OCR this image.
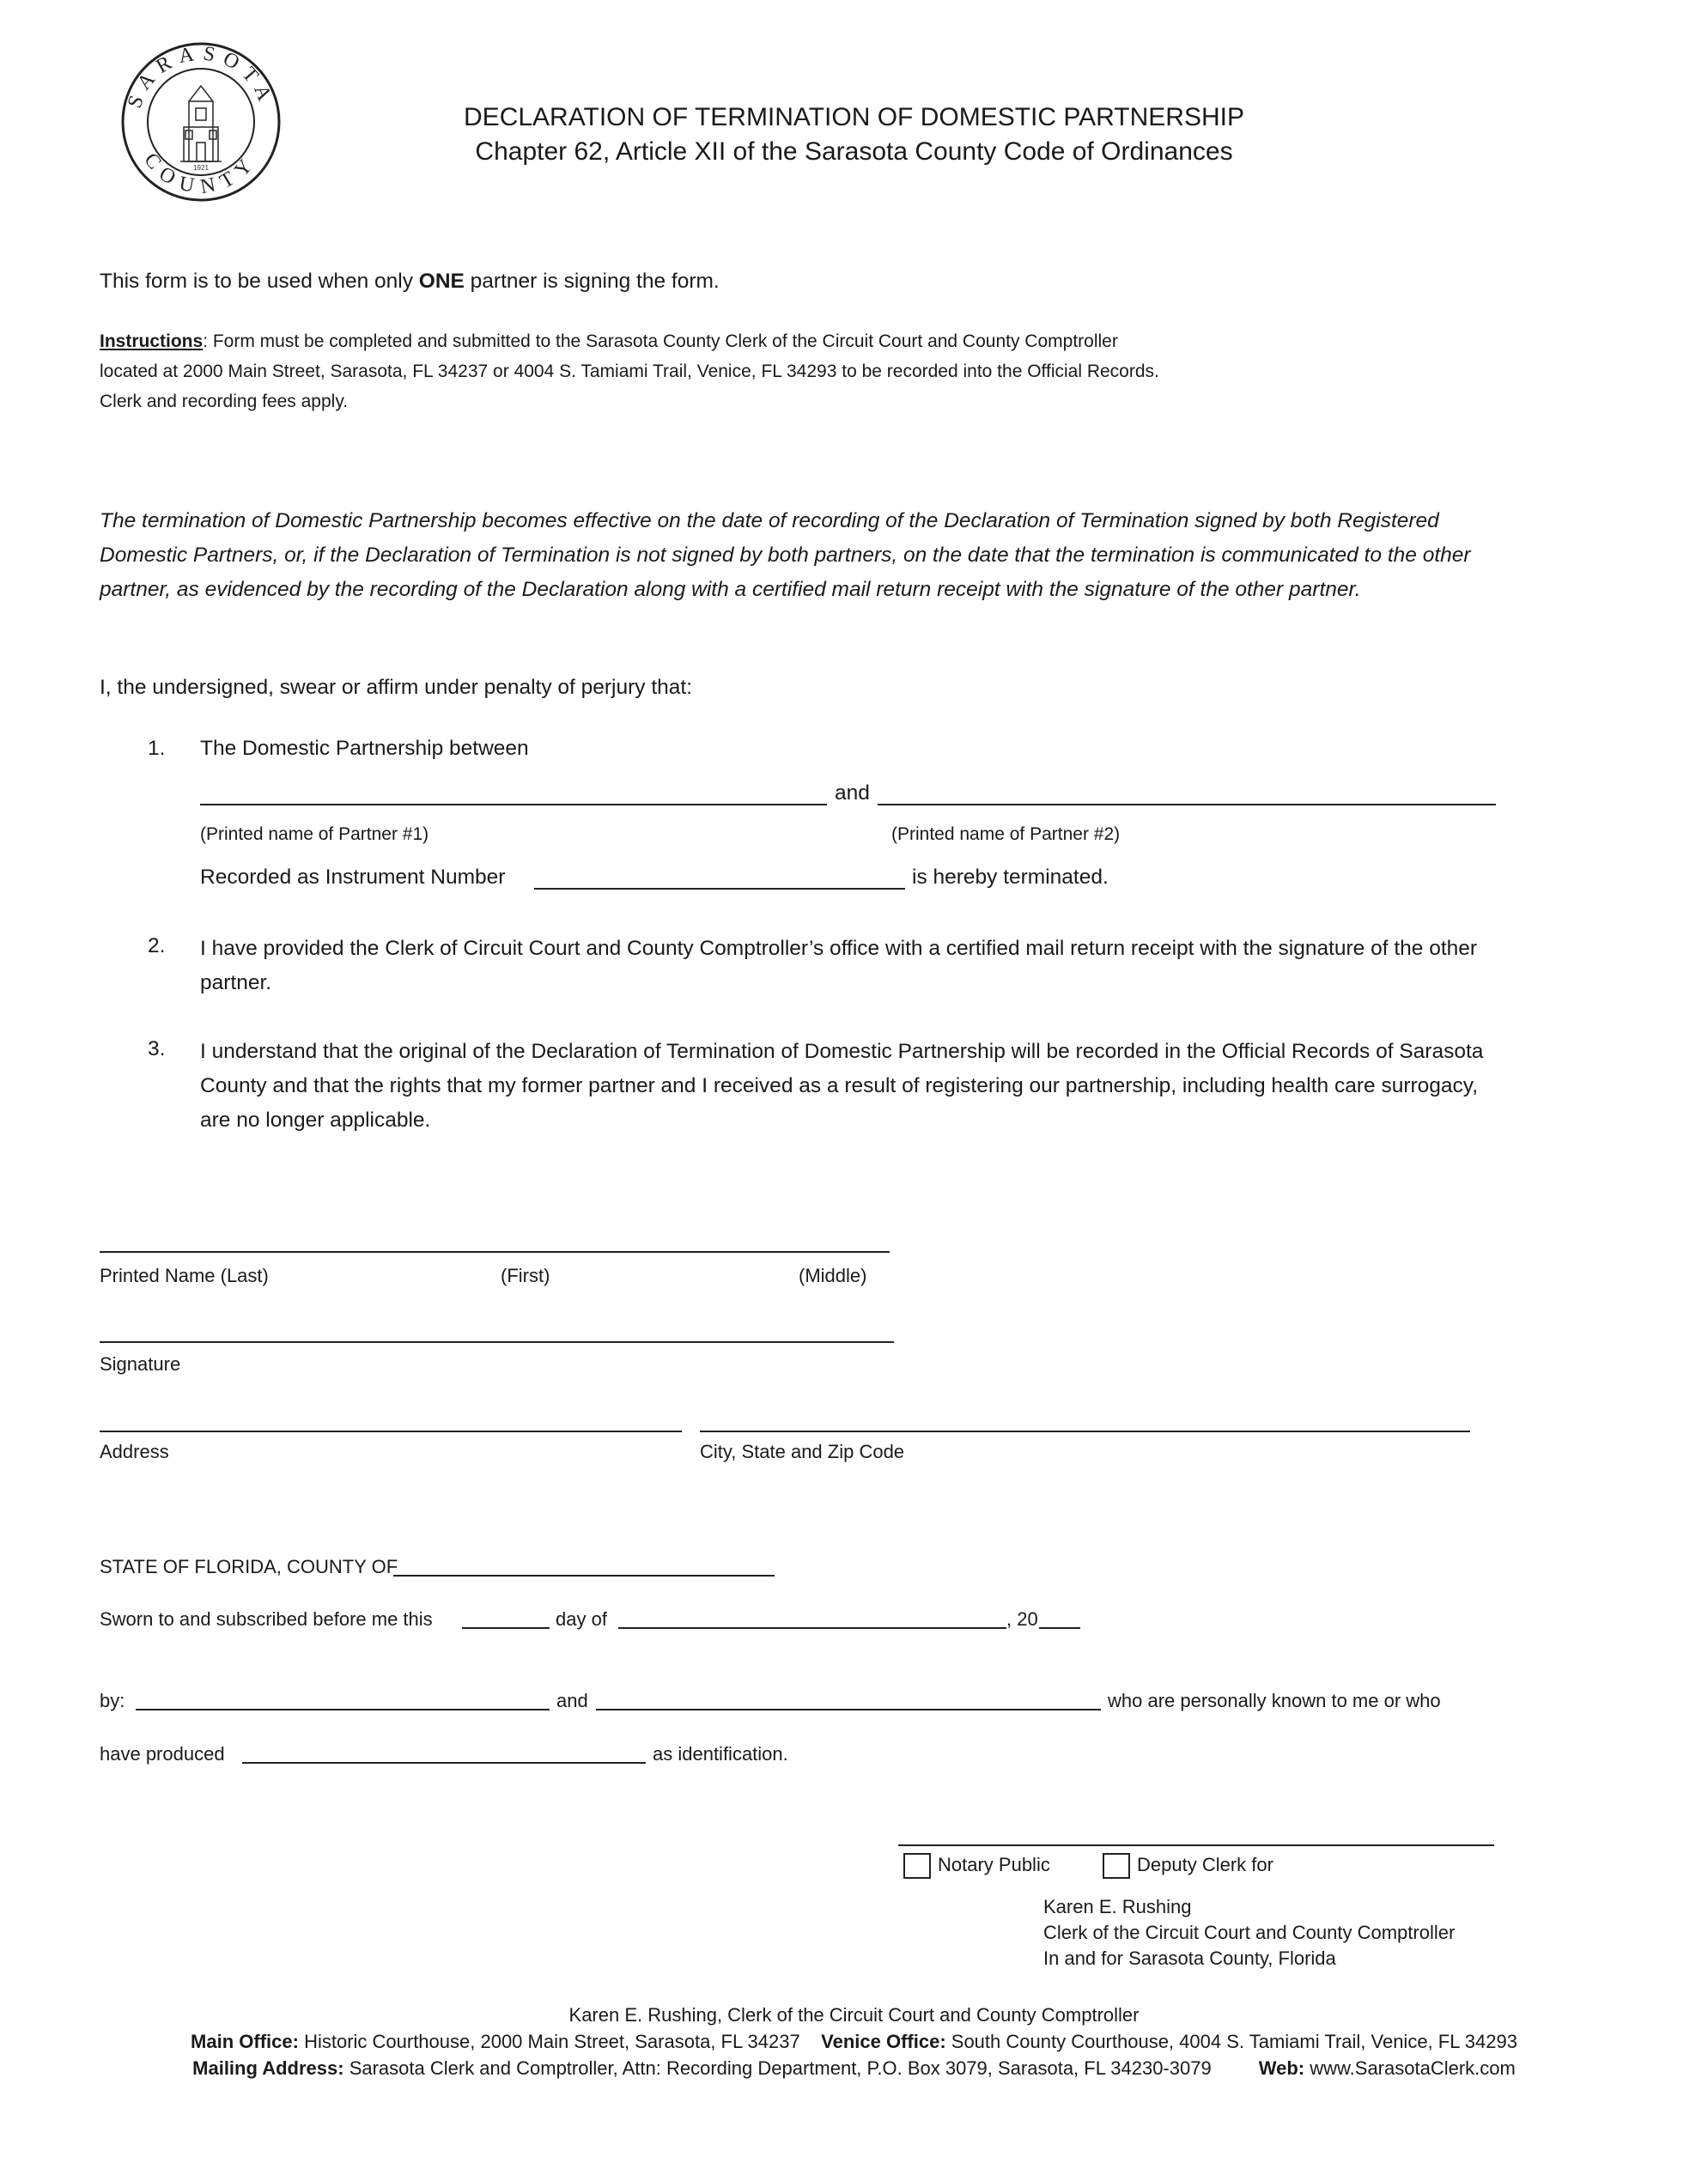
SARASOTA
COUNTY
1921
DECLARATION OF TERMINATION OF DOMESTIC PARTNERSHIP
Chapter 62, Article XII of the Sarasota County Code of Ordinances
This form is to be used when only ONE partner is signing the form.
Instructions: Form must be completed and submitted to the Sarasota County Clerk of the Circuit Court and County Comptroller located at 2000 Main Street, Sarasota, FL 34237 or 4004 S. Tamiami Trail, Venice, FL 34293 to be recorded into the Official Records. Clerk and recording fees apply.
The termination of Domestic Partnership becomes effective on the date of recording of the Declaration of Termination signed by both Registered Domestic Partners, or, if the Declaration of Termination is not signed by both partners, on the date that the termination is communicated to the other partner, as evidenced by the recording of the Declaration along with a certified mail return receipt with the signature of the other partner.
I, the undersigned, swear or affirm under penalty of perjury that:
1. The Domestic Partnership between
and
(Printed name of Partner #1)	(Printed name of Partner #2)
Recorded as Instrument Number	is hereby terminated.
2. I have provided the Clerk of Circuit Court and County Comptroller’s office with a certified mail return receipt with the signature of the other partner.
3. I understand that the original of the Declaration of Termination of Domestic Partnership will be recorded in the Official Records of Sarasota County and that the rights that my former partner and I received as a result of registering our partnership, including health care surrogacy, are no longer applicable.
Printed Name (Last)	(First)	(Middle)
Signature
Address	City, State and Zip Code
STATE OF FLORIDA, COUNTY OF
Sworn to and subscribed before me this	day of	, 20
by:	and	who are personally known to me or who
have produced	as identification.
Notary Public	Deputy Clerk for
Karen E. Rushing
Clerk of the Circuit Court and County Comptroller
In and for Sarasota County, Florida
Karen E. Rushing, Clerk of the Circuit Court and County Comptroller
Main Office: Historic Courthouse, 2000 Main Street, Sarasota, FL 34237 Venice Office: South County Courthouse, 4004 S. Tamiami Trail, Venice, FL 34293
Mailing Address: Sarasota Clerk and Comptroller, Attn: Recording Department, P.O. Box 3079, Sarasota, FL 34230-3079	Web: www.SarasotaClerk.com
